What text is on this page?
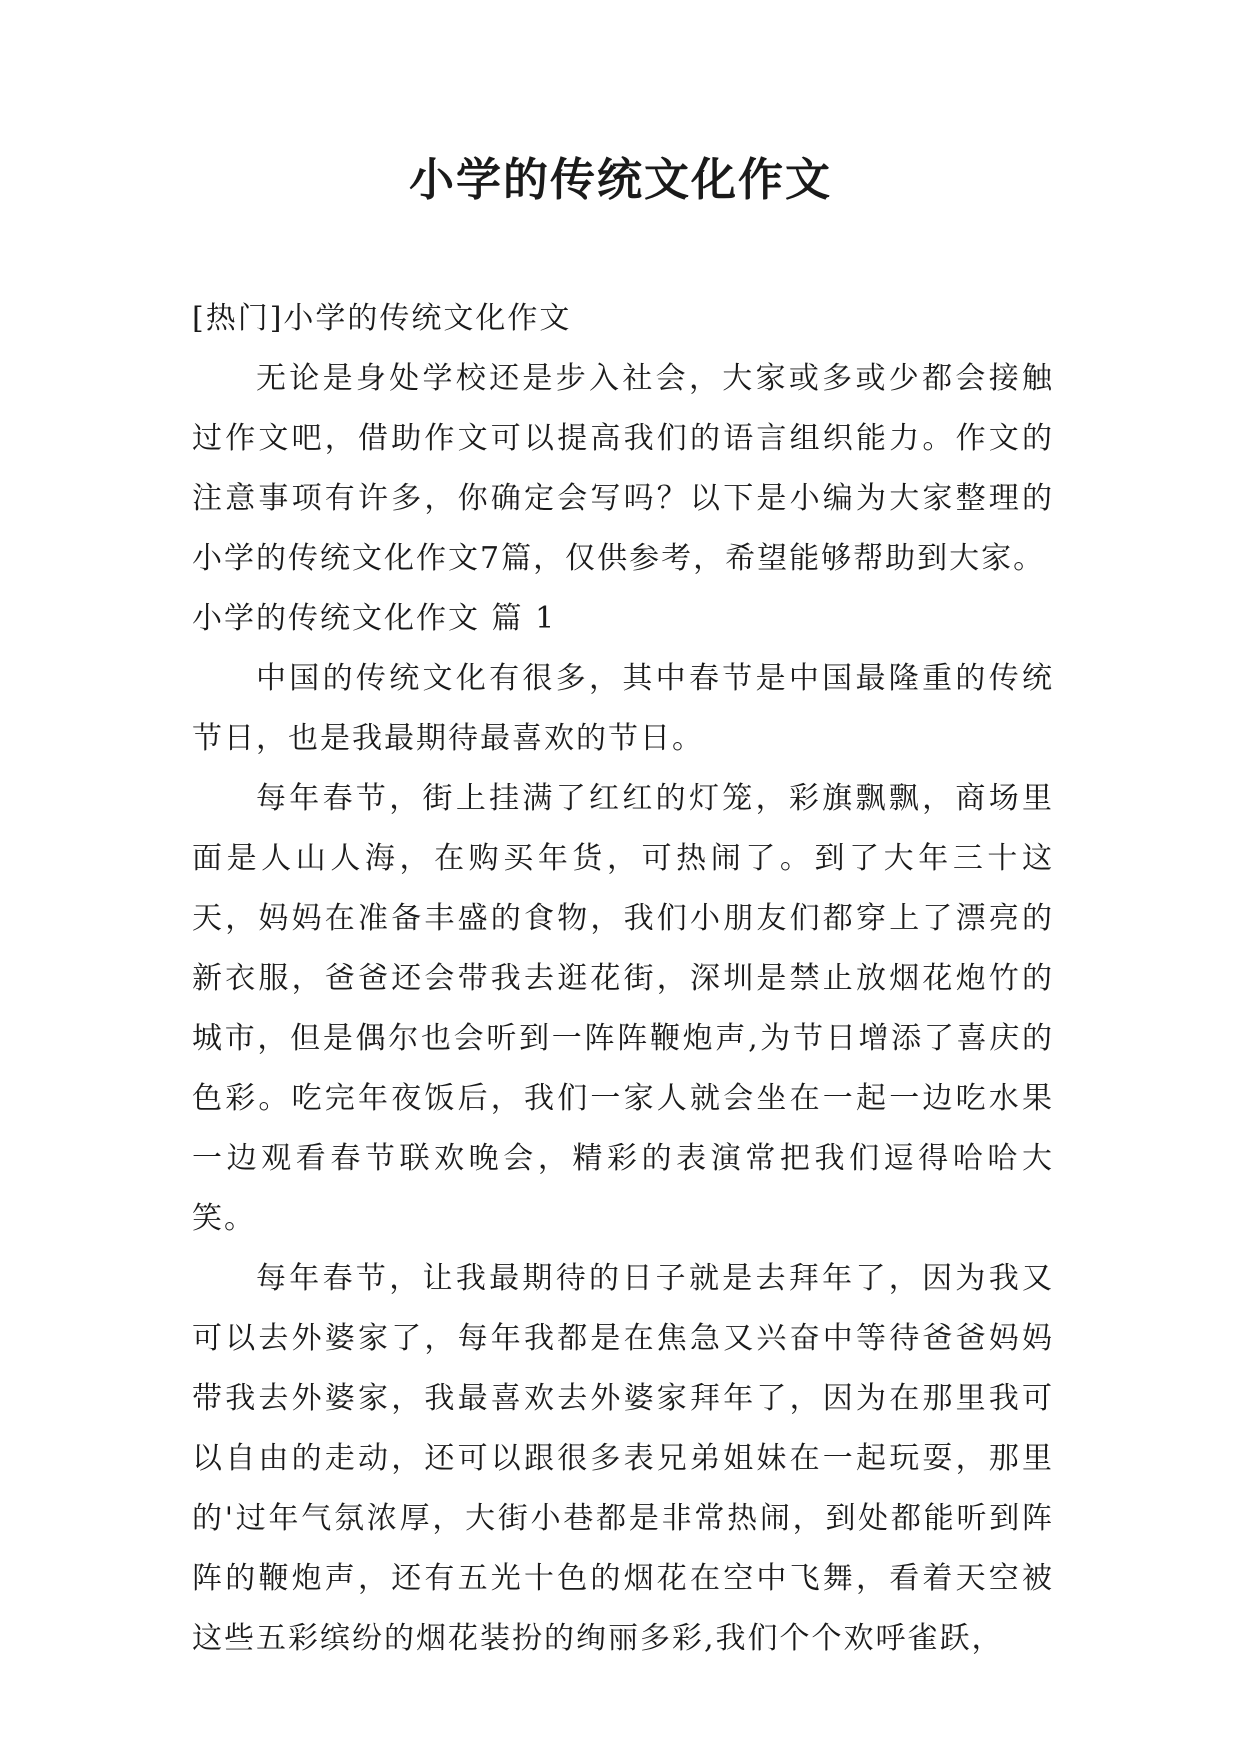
小学的传统文化作文

[热门]小学的传统文化作文

无论是身处学校还是步入社会，大家或多或少都会接触过作文吧，借助作文可以提高我们的语言组织能力。作文的注意事项有许多，你确定会写吗？以下是小编为大家整理的小学的传统文化作文7篇，仅供参考，希望能够帮助到大家。

小学的传统文化作文 篇 1

中国的传统文化有很多，其中春节是中国最隆重的传统节日，也是我最期待最喜欢的节日。

每年春节，街上挂满了红红的灯笼，彩旗飘飘，商场里面是人山人海，在购买年货，可热闹了。到了大年三十这天，妈妈在准备丰盛的食物，我们小朋友们都穿上了漂亮的新衣服，爸爸还会带我去逛花街，深圳是禁止放烟花炮竹的城市，但是偶尔也会听到一阵阵鞭炮声,为节日增添了喜庆的色彩。吃完年夜饭后，我们一家人就会坐在一起一边吃水果一边观看春节联欢晚会，精彩的表演常把我们逗得哈哈大笑。

每年春节，让我最期待的日子就是去拜年了，因为我又可以去外婆家了，每年我都是在焦急又兴奋中等待爸爸妈妈带我去外婆家，我最喜欢去外婆家拜年了，因为在那里我可以自由的走动，还可以跟很多表兄弟姐妹在一起玩耍，那里的'过年气氛浓厚，大街小巷都是非常热闹，到处都能听到阵阵的鞭炮声，还有五光十色的烟花在空中飞舞，看着天空被这些五彩缤纷的烟花装扮的绚丽多彩,我们个个欢呼雀跃，
